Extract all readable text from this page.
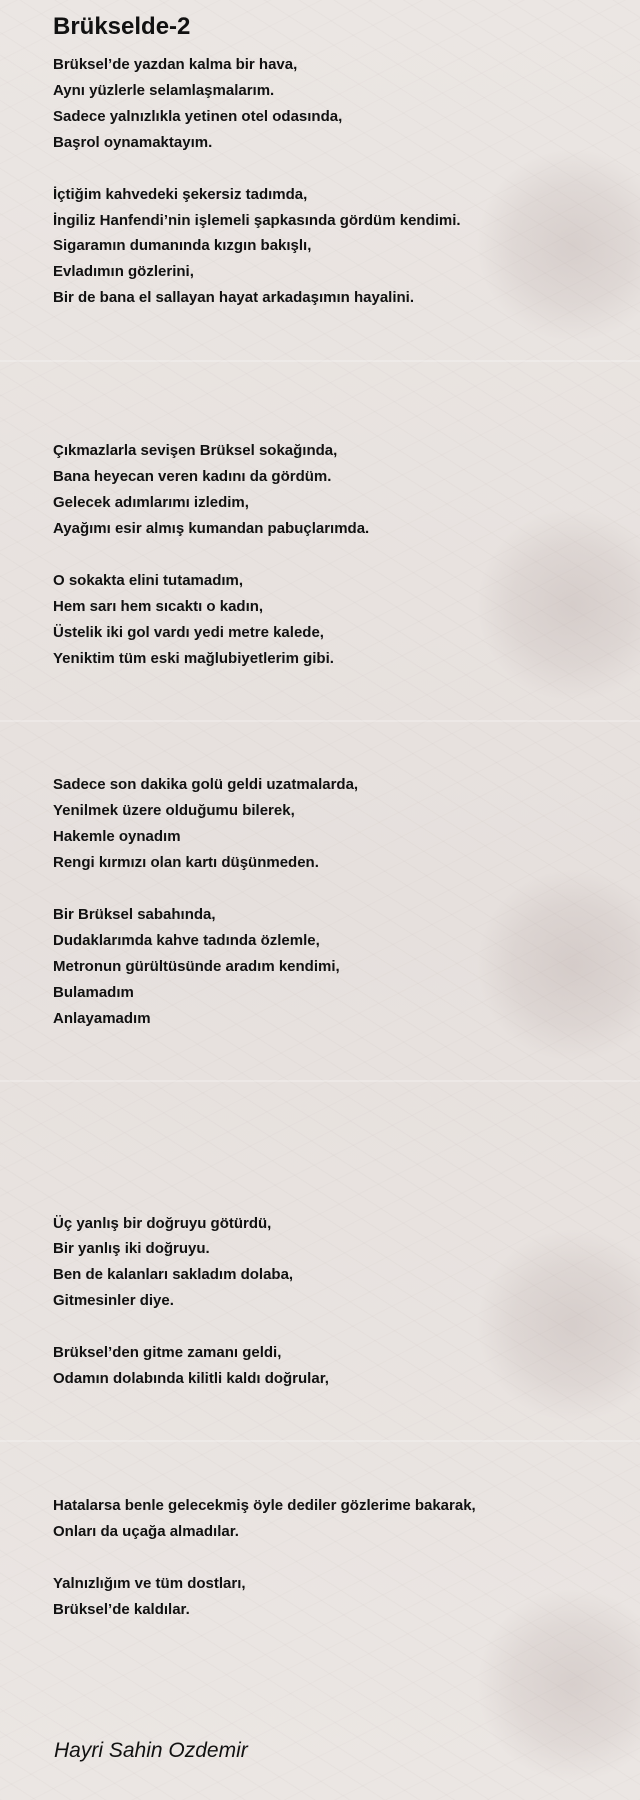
Brükselde-2

Brüksel’de yazdan kalma bir hava,
Aynı yüzlerle selamlaşmalarım.
Sadece yalnızlıkla yetinen otel odasında,
Başrol oynamaktayım.

İçtiğim kahvedeki şekersiz tadımda,
İngiliz Hanfendi’nin işlemeli şapkasında gördüm kendimi.
Sigaramın dumanında kızgın bakışlı,
Evladımın gözlerini,
Bir de bana el sallayan hayat arkadaşımın hayalini.

Çıkmazlarla sevişen Brüksel sokağında,
Bana heyecan veren kadını da gördüm.
Gelecek adımlarımı izledim,
Ayağımı esir almış kumandan pabuçlarımda.

O sokakta elini tutamadım,
Hem sarı hem sıcaktı o kadın,
Üstelik iki gol vardı yedi metre kalede,
Yeniktim tüm eski mağlubiyetlerim gibi.

Sadece son dakika golü geldi uzatmalarda,
Yenilmek üzere olduğumu bilerek,
Hakemle oynadım
Rengi kırmızı olan kartı düşünmeden.

Bir Brüksel sabahında,
Dudaklarımda kahve tadında özlemle,
Metronun gürültüsünde aradım kendimi,
Bulamadım
Anlayamadım

Üç yanlış bir doğruyu götürdü,
Bir yanlış iki doğruyu.
Ben de kalanları sakladım dolaba,
Gitmesinler diye.

Brüksel’den gitme zamanı geldi,
Odamın dolabında kilitli kaldı doğrular,

Hatalarsa benle gelecekmiş öyle dediler gözlerime bakarak,
Onları da uçağa almadılar.

Yalnızlığım ve tüm dostları,
Brüksel’de kaldılar.

Hayri Sahin Ozdemir
